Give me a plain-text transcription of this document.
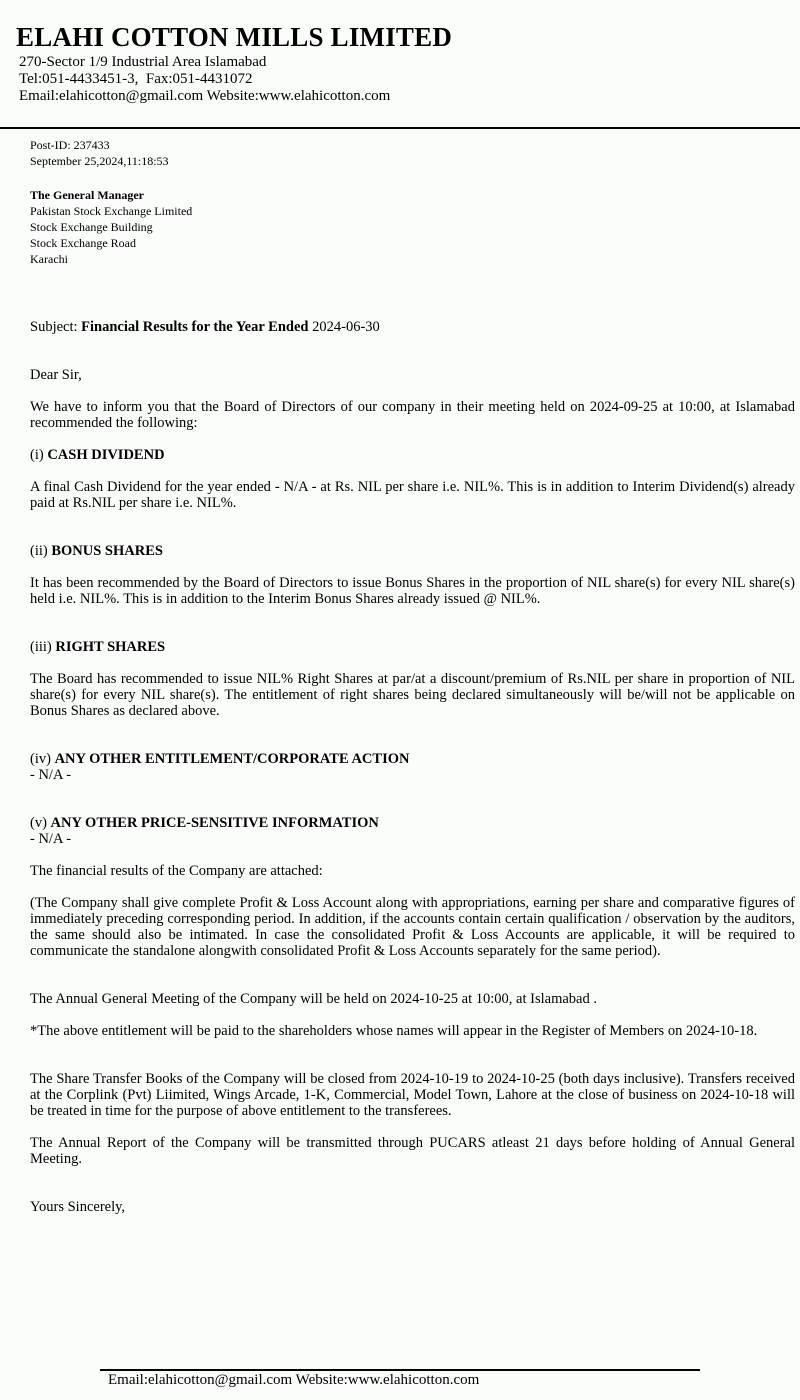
ELAHI COTTON MILLS LIMITED
270-Sector 1/9 Industrial Area Islamabad
Tel:051-4433451-3,  Fax:051-4431072
Email:elahicotton@gmail.com Website:www.elahicotton.com
Post-ID: 237433
September 25,2024,11:18:53
The General Manager
Pakistan Stock Exchange Limited
Stock Exchange Building
Stock Exchange Road
Karachi
Subject: Financial Results for the Year Ended 2024-06-30
Dear Sir,
We have to inform you that the Board of Directors of our company in their meeting held on 2024-09-25 at 10:00, at Islamabad recommended the following:
(i) CASH DIVIDEND
A final Cash Dividend for the year ended - N/A - at Rs. NIL per share i.e. NIL%. This is in addition to Interim Dividend(s) already paid at Rs.NIL per share i.e. NIL%.
(ii) BONUS SHARES
It has been recommended by the Board of Directors to issue Bonus Shares in the proportion of NIL share(s) for every NIL share(s) held i.e. NIL%. This is in addition to the Interim Bonus Shares already issued @ NIL%.
(iii) RIGHT SHARES
The Board has recommended to issue NIL% Right Shares at par/at a discount/premium of Rs.NIL per share in proportion of NIL share(s) for every NIL share(s). The entitlement of right shares being declared simultaneously will be/will not be applicable on Bonus Shares as declared above.
(iv) ANY OTHER ENTITLEMENT/CORPORATE ACTION
- N/A -
(v) ANY OTHER PRICE-SENSITIVE INFORMATION
- N/A -
The financial results of the Company are attached:
(The Company shall give complete Profit & Loss Account along with appropriations, earning per share and comparative figures of immediately preceding corresponding period. In addition, if the accounts contain certain qualification / observation by the auditors, the same should also be intimated. In case the consolidated Profit & Loss Accounts are applicable, it will be required to communicate the standalone alongwith consolidated Profit & Loss Accounts separately for the same period).
The Annual General Meeting of the Company will be held on 2024-10-25 at 10:00, at Islamabad .
*The above entitlement will be paid to the shareholders whose names will appear in the Register of Members on 2024-10-18.
The Share Transfer Books of the Company will be closed from 2024-10-19 to 2024-10-25 (both days inclusive). Transfers received at the Corplink (Pvt) Liimited, Wings Arcade, 1-K, Commercial, Model Town, Lahore at the close of business on 2024-10-18 will be treated in time for the purpose of above entitlement to the transferees.
The Annual Report of the Company will be transmitted through PUCARS atleast 21 days before holding of Annual General Meeting.
Yours Sincerely,
Email:elahicotton@gmail.com Website:www.elahicotton.com
